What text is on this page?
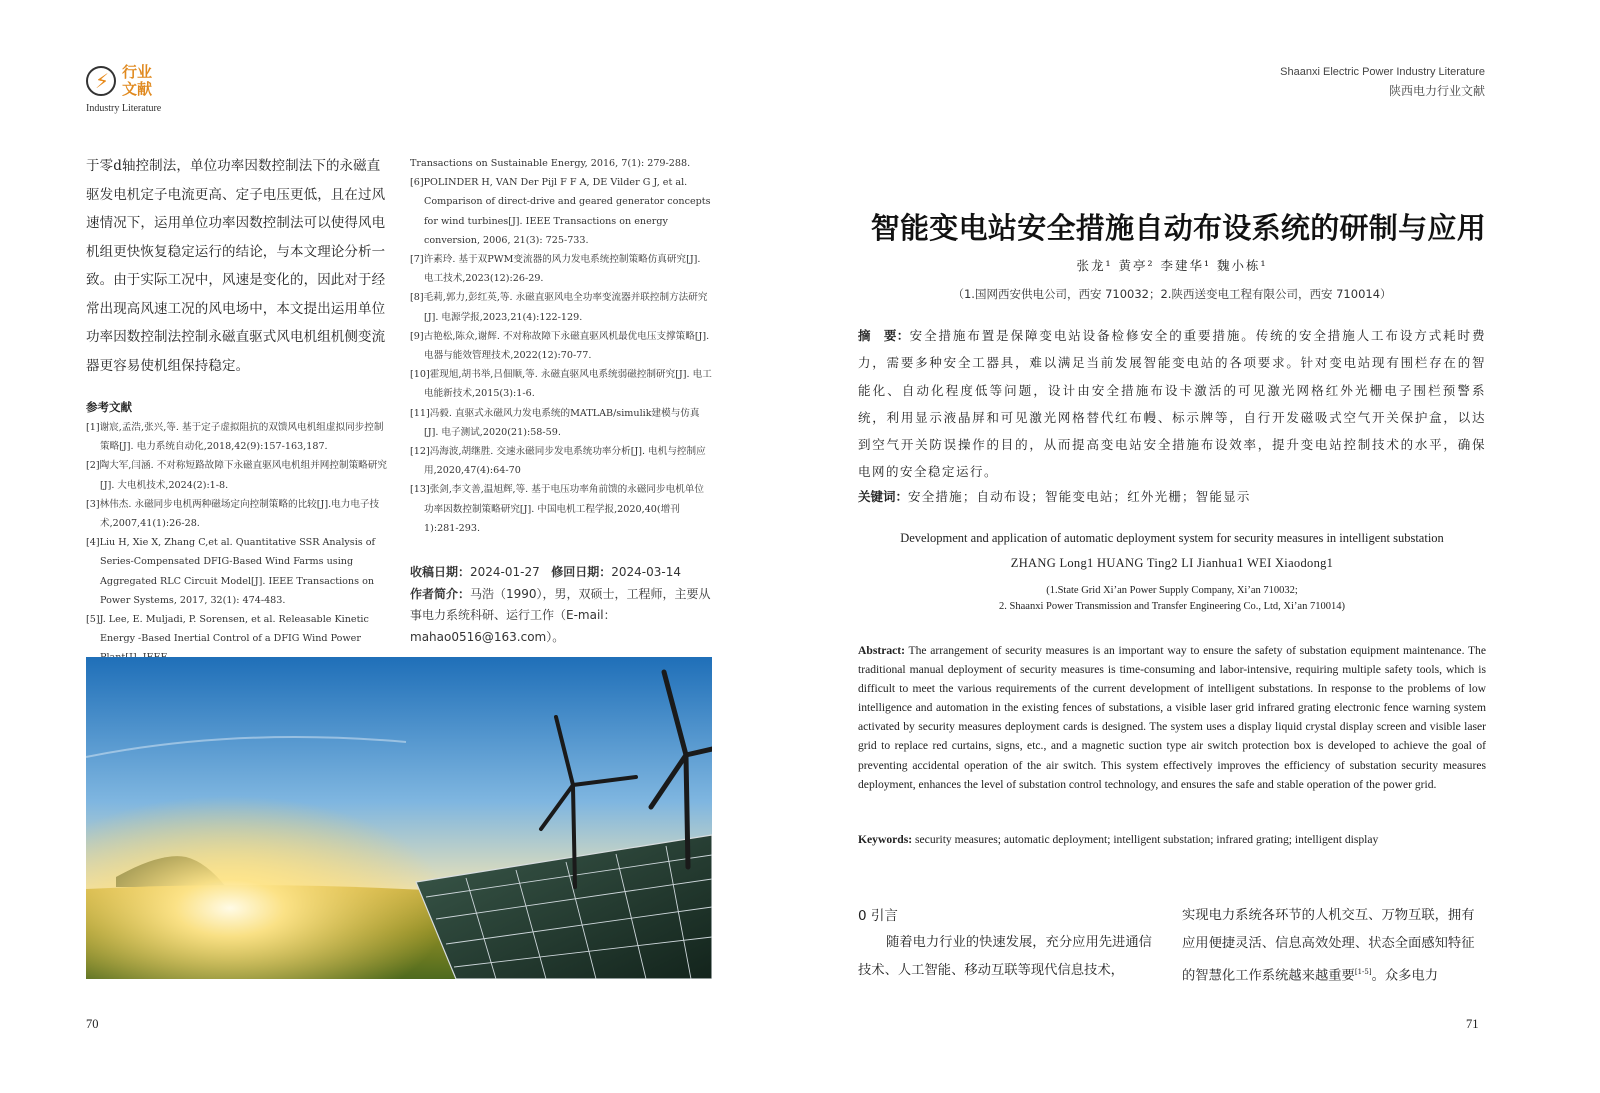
⚡ 行业文献
Industry Literature
Shaanxi Electric Power Industry Literature
陕西电力行业文献
于零d轴控制法，单位功率因数控制法下的永磁直驱发电机定子电流更高、定子电压更低，且在过风速情况下，运用单位功率因数控制法可以使得风电机组更快恢复稳定运行的结论，与本文理论分析一致。由于实际工况中，风速是变化的，因此对于经常出现高风速工况的风电场中，本文提出运用单位功率因数控制法控制永磁直驱式风电机组机侧变流器更容易使机组保持稳定。
参考文献
[1]谢宸,孟浩,张兴,等. 基于定子虚拟阻抗的双馈风电机组虚拟同步控制策略[J]. 电力系统自动化,2018,42(9):157-163,187.
[2]陶大军,闫涵. 不对称短路故障下永磁直驱风电机组并网控制策略研究[J]. 大电机技术,2024(2):1-8.
[3]林伟杰. 永磁同步电机两种磁场定向控制策略的比较[J].电力电子技术,2007,41(1):26-28.
[4]Liu H, Xie X, Zhang C,et al. Quantitative SSR Analysis of Series-Compensated DFIG-Based Wind Farms using Aggregated RLC Circuit Model[J]. IEEE Transactions on Power Systems, 2017, 32(1): 474-483.
[5]J. Lee, E. Muljadi, P. Sorensen, et al. Releasable Kinetic Energy -Based Inertial Control of a DFIG Wind Power
Transactions on Sustainable Energy, 2016, 7(1): 279-288.
[6]POLINDER H, VAN Der Pijl F F A, DE Vilder G J, et al. Comparison of direct-drive and geared generator concepts for wind turbines[J]. IEEE Transactions on energy conversion, 2006, 21(3): 725-733.
[7]许素玲. 基于双PWM变流器的风力发电系统控制策略仿真研究[J]. 电工技术,2023(12):26-29.
[8]毛莉,郭力,彭红英,等. 永磁直驱风电全功率变流器并联控制方法研究[J]. 电源学报,2023,21(4):122-129.
[9]古艳松,陈众,谢辉. 不对称故障下永磁直驱风机最优电压支撑策略[J]. 电器与能效管理技术,2022(12):70-77.
[10]霍现旭,胡书举,吕佃顺,等. 永磁直驱风电系统弱磁控制研究[J]. 电工电能新技术,2015(3):1-6.
[11]冯毅. 直驱式永磁风力发电系统的MATLAB/simulik建模与仿真[J]. 电子测试,2020(21):58-59.
[12]冯海波,胡继胜. 交速永磁同步发电系统功率分析[J]. 电机与控制应用,2020,47(4):64-70
[13]张剑,李文善,温旭辉,等. 基于电压功率角前馈的永磁同步电机单位功率因数控制策略研究[J]. 中国电机工程学报,2020,40(增刊1):281-293.
收稿日期：2024-01-27 修回日期：2024-03-14
作者简介：马浩（1990），男，双硕士，工程师，主要从事电力系统科研、运行工作（E-mail：mahao0516@163.com）。
智能变电站安全措施自动布设系统的研制与应用
张龙¹ 黄亭² 李建华¹ 魏小栋¹
（1.国网西安供电公司，西安 710032；2.陕西送变电工程有限公司，西安 710014）
摘　要：安全措施布置是保障变电站设备检修安全的重要措施。传统的安全措施人工布设方式耗时费力，需要多种安全工器具，难以满足当前发展智能变电站的各项要求。针对变电站现有围栏存在的智能化、自动化程度低等问题，设计由安全措施布设卡激活的可见激光网格红外光栅电子围栏预警系统，利用显示液晶屏和可见激光网格替代红布幔、标示牌等，自行开发磁吸式空气开关保护盒，以达到空气开关防误操作的目的，从而提高变电站安全措施布设效率，提升变电站控制技术的水平，确保电网的安全稳定运行。
关键词：安全措施；自动布设；智能变电站；红外光栅；智能显示
Development and application of automatic deployment system for security measures in intelligent substation
ZHANG Long1 HUANG Ting2 LI Jianhua1 WEI Xiaodong1
(1.State Grid Xi’an Power Supply Company, Xi’an 710032;
2. Shaanxi Power Transmission and Transfer Engineering Co., Ltd, Xi’an 710014)
Abstract: The arrangement of security measures is an important way to ensure the safety of substation equipment maintenance. The traditional manual deployment of security measures is time-consuming and labor-intensive, requiring multiple safety tools, which is difficult to meet the various requirements of the current development of intelligent substations. In response to the problems of low intelligence and automation in the existing fences of substations, a visible laser grid infrared grating electronic fence warning system activated by security measures deployment cards is designed. The system uses a display liquid crystal display screen and visible laser grid to replace red curtains, signs, etc., and a magnetic suction type air switch protection box is developed to achieve the goal of preventing accidental operation of the air switch. This system effectively improves the efficiency of substation security measures deployment, enhances the level of substation control technology, and ensures the safe and stable operation of the power grid.
Keywords: security measures; automatic deployment; intelligent substation; infrared grating; intelligent display
0 引言
随着电力行业的快速发展，充分应用先进通信技术、人工智能、移动互联等现代信息技术，
实现电力系统各环节的人机交互、万物互联，拥有应用便捷灵活、信息高效处理、状态全面感知特征的智慧化工作系统越来越重要[1-5]。众多电力
70	71
